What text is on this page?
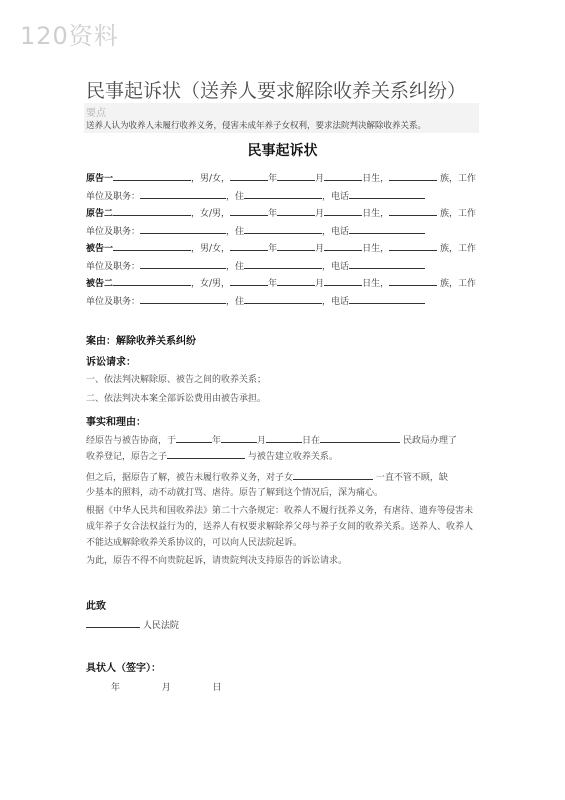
120资料
民事起诉状（送养人要求解除收养关系纠纷）
要点
送养人认为收养人未履行收养义务，侵害未成年养子女权利，要求法院判决解除收养关系。
民事起诉状
原告一	，男/女，	年	月	日生，	族，工作
单位及职务：	，住	，电话
原告二	，女/男，	年	月	日生，	族，工作
单位及职务：	，住	，电话
被告一	，男/女，	年	月	日生，	族，工作
单位及职务：	，住	，电话
被告二	，女/男，	年	月	日生，	族，工作
单位及职务：	，住	，电话
案由：解除收养关系纠纷
诉讼请求：
一、依法判决解除原、被告之间的收养关系；
二、依法判决本案全部诉讼费用由被告承担。
事实和理由：
经原告与被告协商，于	年	月	日在	民政局办理了
收养登记，原告之子	与被告建立收养关系。
但之后，据原告了解，被告未履行收养义务，对子女	一直不管不顾，缺
少基本的照料，动不动就打骂、虐待。原告了解到这个情况后，深为痛心。
根据《中华人民共和国收养法》第二十六条规定：收养人不履行抚养义务，有虐待、遗弃等侵害未成年养子女合法权益行为的，送养人有权要求解除养父母与养子女间的收养关系。送养人、收养人不能达成解除收养关系协议的，可以向人民法院起诉。
为此，原告不得不向贵院起诉，请贵院判决支持原告的诉讼请求。
此致
人民法院
具状人（签字）：
年	月	日
